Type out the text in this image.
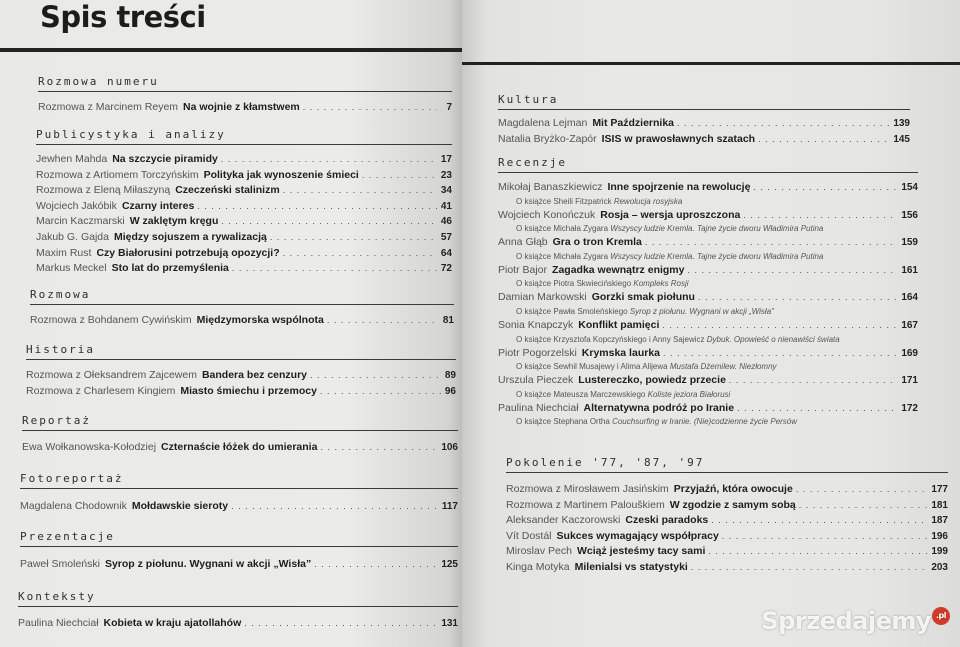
Spis treści
Rozmowa numeru
Rozmowa z Marcinem Reyem Na wojnie z kłamstwem . . .	7
Publicystyka i analizy
Jewhen Mahda Na szczycie piramidy . . .	17
Rozmowa z Artiomem Torczyńskim Polityka jak wynoszenie śmieci . . .	23
Rozmowa z Eleną Miłaszyną Czeczeński stalinizm . . .	34
Wojciech Jakóbik Czarny interes . . .	41
Marcin Kaczmarski W zaklętym kręgu . . .	46
Jakub G. Gajda Między sojuszem a rywalizacją . . .	57
Maxim Rust Czy Białorusini potrzebują opozycji? . . .	64
Markus Meckel Sto lat do przemyślenia . . .	72
Rozmowa
Rozmowa z Bohdanem Cywińskim Międzymorska wspólnota . . .	81
Historia
Rozmowa z Ołeksandrem Zajcewem Bandera bez cenzury . . .	89
Rozmowa z Charlesem Kingiem Miasto śmiechu i przemocy . . .	96
Reportaż
Ewa Wołkanowska-Kołodziej Czternaście łóżek do umierania . . .	106
Fotoreportaż
Magdalena Chodownik Mołdawskie sieroty . . .	117
Prezentacje
Paweł Smoleński Syrop z piołunu. Wygnani w akcji „Wisła” . . .	125
Konteksty
Paulina Niechciał Kobieta w kraju ajatollahów . . .	131
Kultura
Magdalena Lejman Mit Października . . .	139
Natalia Bryżko-Zapór ISIS w prawosławnych szatach . . .	145
Recenzje
Mikołaj Banaszkiewicz Inne spojrzenie na rewolucję . . .	154
O książce Sheili Fitzpatrick Rewolucja rosyjska
Wojciech Konończuk Rosja – wersja uproszczona . . .	156
O książce Michała Zygara Wszyscy ludzie Kremla. Tajne życie dworu Władimira Putina
Anna Głąb Gra o tron Kremla . . .	159
O książce Michała Zygara Wszyscy ludzie Kremla. Tajne życie dworu Władimira Putina
Piotr Bajor Zagadka wewnątrz enigmy . . .	161
O książce Piotra Skwiecińskiego Kompleks Rosji
Damian Markowski Gorzki smak piołunu . . .	164
O książce Pawła Smoleńskiego Syrop z piołunu. Wygnani w akcji „Wisła”
Sonia Knapczyk Konflikt pamięci . . .	167
O książce Krzysztofa Kopczyńskiego i Anny Sajewicz Dybuk. Opowieść o nienawiści świata
Piotr Pogorzelski Krymska laurka . . .	169
O książce Sewhil Musajewy i Alima Alijewa Mustafa Dżemilew. Niezłomny
Urszula Pieczek Lustereczko, powiedz przecie . . .	171
O książce Mateusza Marczewskiego Koliste jeziora Białorusi
Paulina Niechciał Alternatywna podróż po Iranie . . .	172
O książce Stephana Ortha Couchsurfing w Iranie. (Nie)codzienne życie Persów
Pokolenie '77, '87, '97
Rozmowa z Mirosławem Jasińskim Przyjaźń, która owocuje . . .	177
Rozmowa z Martinem Palouškiem W zgodzie z samym sobą . . .	181
Aleksander Kaczorowski Czeski paradoks . . .	187
Vít Dostál Sukces wymagający współpracy . . .	196
Miroslav Pech Wciąż jesteśmy tacy sami . . .	199
Kinga Motyka Milenialsi vs statystyki . . .	203
Sprzedajemy .pl
